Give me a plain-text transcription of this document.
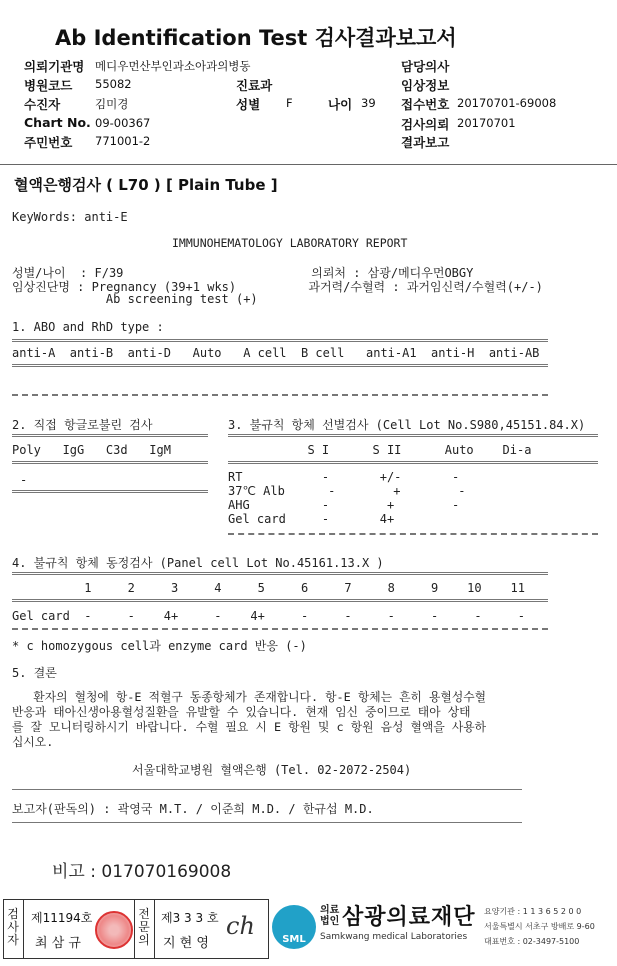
Ab Identification Test 검사결과보고서
의뢰기관명 메디우먼산부인과소아과의병동
병원코드 55082
수진자	김미경
Chart No. 09-00367
주민번호 771001-2
진료과
성별 F	나이 39
담당의사
임상정보
접수번호 20170701-69008
검사의뢰 20170701
결과보고
혈액은행검사 ( L70 ) [ Plain Tube ]
KeyWords: anti-E
IMMUNOHEMATOLOGY LABORATORY REPORT
성별/나이  : F/39                          의뢰처 : 삼광/메디우먼OBGY
임상진단명 : Pregnancy (39+1 wks)          과거력/수혈력 : 과거임신력/수혈력(+/-)
Ab screening test (+)
1. ABO and RhD type :
anti-A  anti-B  anti-D   Auto   A cell  B cell   anti-A1  anti-H  anti-AB
2. 직접 항글로불린 검사
Poly   IgG   C3d   IgM
-
3. 불규칙 항체 선별검사 (Cell Lot No.S980,45151.84.X)
S I      S II      Auto    Di-a
RT           -       +/-       -
37℃ Alb      -        +        -
AHG          -        +        -
Gel card     -       4+
4. 불규칙 항체 동정검사 (Panel cell Lot No.45161.13.X )
1     2     3     4     5     6     7     8     9    10    11
Gel card  -     -    4+     -    4+     -     -     -     -     -     -
* c homozygous cell과 enzyme card 반응 (-)
5. 결론
환자의 혈청에 항-E 적혈구 동종항체가 존재합니다. 항-E 항체는 흔히 용혈성수혈
반응과 태아신생아용혈성질환을 유발할 수 있습니다. 현재 임신 중이므로 태아 상태
를 잘 모니터링하시기 바랍니다. 수혈 필요 시 E 항원 및 c 항원 음성 혈액을 사용하
십시오.
서울대학교병원 혈액은행 (Tel. 02-2072-2504)
보고자(판독의) : 곽영국 M.T. / 이준희 M.D. / 한규섭 M.D.
비고 : 017070169008
검
사
자
제11194호
최 삼 규
전
문
의
제3 3 3 호
지 현 영
ch	SML
의료
법인 삼광의료재단
Samkwang medical Laboratories
요양기관 : 1 1 3 6 5 2 0 0
서울특별시 서초구 방배로 9-60
대표번호 : 02-3497-5100
